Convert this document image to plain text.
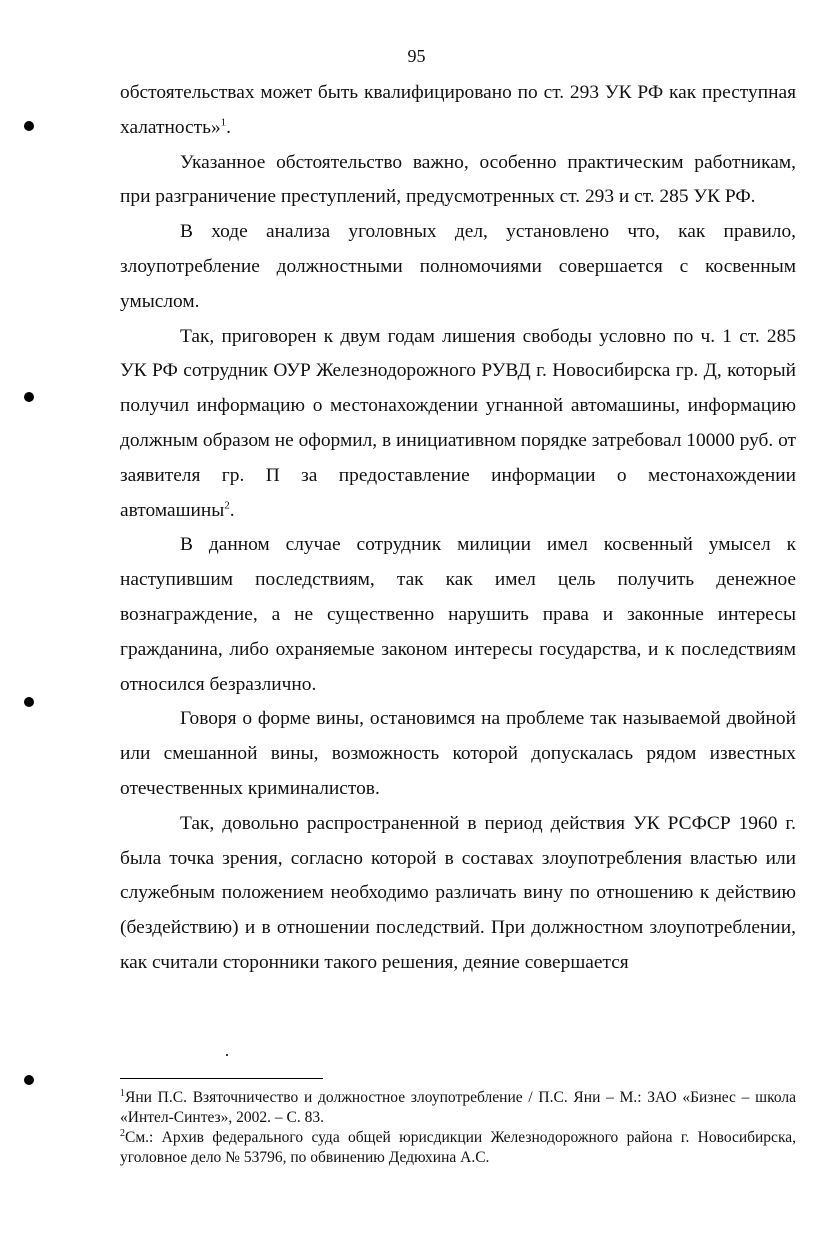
95

обстоятельствах может быть квалифицировано по ст. 293 УК РФ как преступная халатность»$^1$.

Указанное обстоятельство важно, особенно практическим работникам, при разграничение преступлений, предусмотренных ст. 293 и ст. 285 УК РФ.

В ходе анализа уголовных дел, установлено что, как правило, злоупотребление должностными полномочиями совершается с косвенным умыслом.

Так, приговорен к двум годам лишения свободы условно по ч. 1 ст. 285 УК РФ сотрудник ОУР Железнодорожного РУВД г. Новосибирска гр. Д, который получил информацию о местонахождении угнанной автомашины, информацию должным образом не оформил, в инициативном порядке затребовал 10000 руб. от заявителя гр. П за предоставление информации о местонахождении автомашины$^2$.

В данном случае сотрудник милиции имел косвенный умысел к наступившим последствиям, так как имел цель получить денежное вознаграждение, а не существенно нарушить права и законные интересы гражданина, либо охраняемые законом интересы государства, и к последствиям относился безразлично.

Говоря о форме вины, остановимся на проблеме так называемой двойной или смешанной вины, возможность которой допускалась рядом известных отечественных криминалистов.

Так, довольно распространенной в период действия УК РСФСР 1960 г. была точка зрения, согласно которой в составах злоупотребления властью или служебным положением необходимо различать вину по отношению к действию (бездействию) и в отношении последствий. При должностном злоупотреблении, как считали сторонники такого решения, деяние совершается

$^1$Яни П.С. Взяточничество и должностное злоупотребление / П.С. Яни – М.: ЗАО «Бизнес – школа «Интел-Синтез», 2002. – С. 83.

$^2$См.: Архив федерального суда общей юрисдикции Железнодорожного района г. Новосибирска, уголовное дело № 53796, по обвинению Дедюхина А.С.
